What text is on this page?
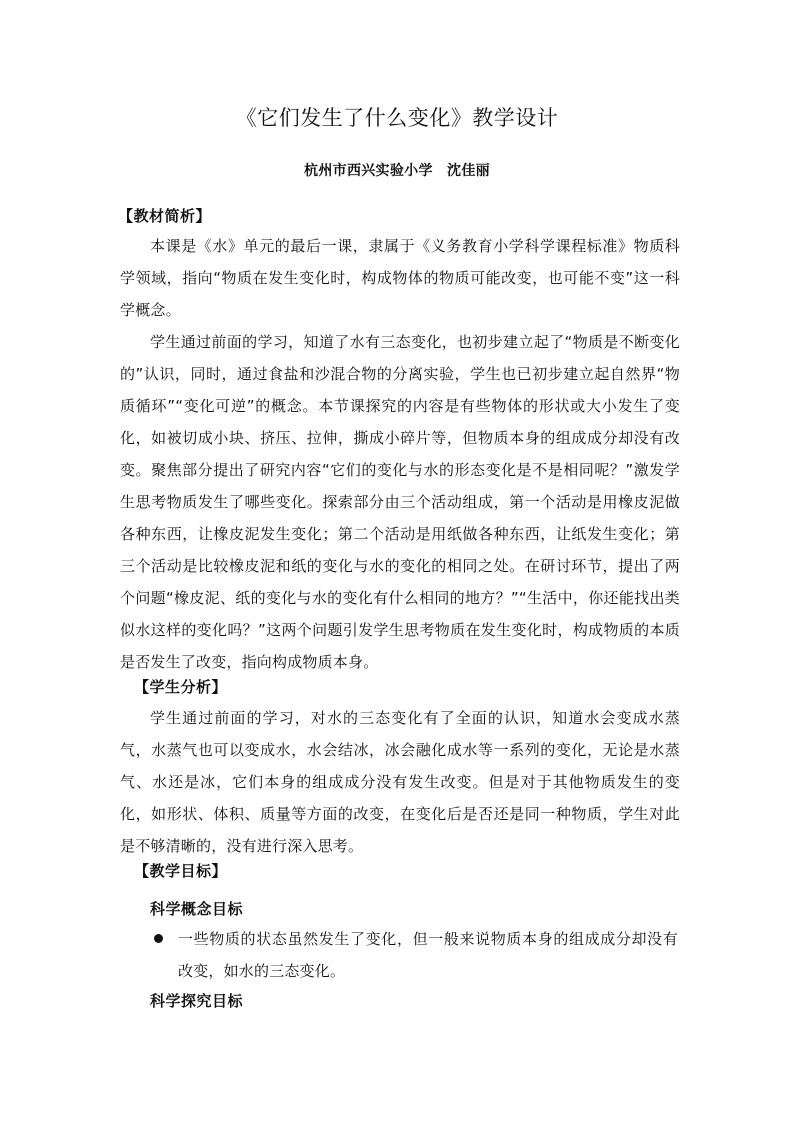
《它们发生了什么变化》教学设计
杭州市西兴实验小学　沈佳丽
【教材简析】
本课是《水》单元的最后一课，隶属于《义务教育小学科学课程标准》物质科学领域，指向“物质在发生变化时，构成物体的物质可能改变，也可能不变”这一科学概念。
学生通过前面的学习，知道了水有三态变化，也初步建立起了“物质是不断变化的”认识，同时，通过食盐和沙混合物的分离实验，学生也已初步建立起自然界“物质循环”“变化可逆”的概念。本节课探究的内容是有些物体的形状或大小发生了变化，如被切成小块、挤压、拉伸，撕成小碎片等，但物质本身的组成成分却没有改变。聚焦部分提出了研究内容“它们的变化与水的形态变化是不是相同呢？”激发学生思考物质发生了哪些变化。探索部分由三个活动组成，第一个活动是用橡皮泥做各种东西，让橡皮泥发生变化；第二个活动是用纸做各种东西，让纸发生变化；第三个活动是比较橡皮泥和纸的变化与水的变化的相同之处。在研讨环节，提出了两个问题“橡皮泥、纸的变化与水的变化有什么相同的地方？”“生活中，你还能找出类似水这样的变化吗？”这两个问题引发学生思考物质在发生变化时，构成物质的本质是否发生了改变，指向构成物质本身。
【学生分析】
学生通过前面的学习，对水的三态变化有了全面的认识，知道水会变成水蒸气，水蒸气也可以变成水，水会结冰，冰会融化成水等一系列的变化，无论是水蒸气、水还是冰，它们本身的组成成分没有发生改变。但是对于其他物质发生的变化，如形状、体积、质量等方面的改变，在变化后是否还是同一种物质，学生对此是不够清晰的，没有进行深入思考。
【教学目标】
科学概念目标
一些物质的状态虽然发生了变化，但一般来说物质本身的组成成分却没有改变，如水的三态变化。
科学探究目标
